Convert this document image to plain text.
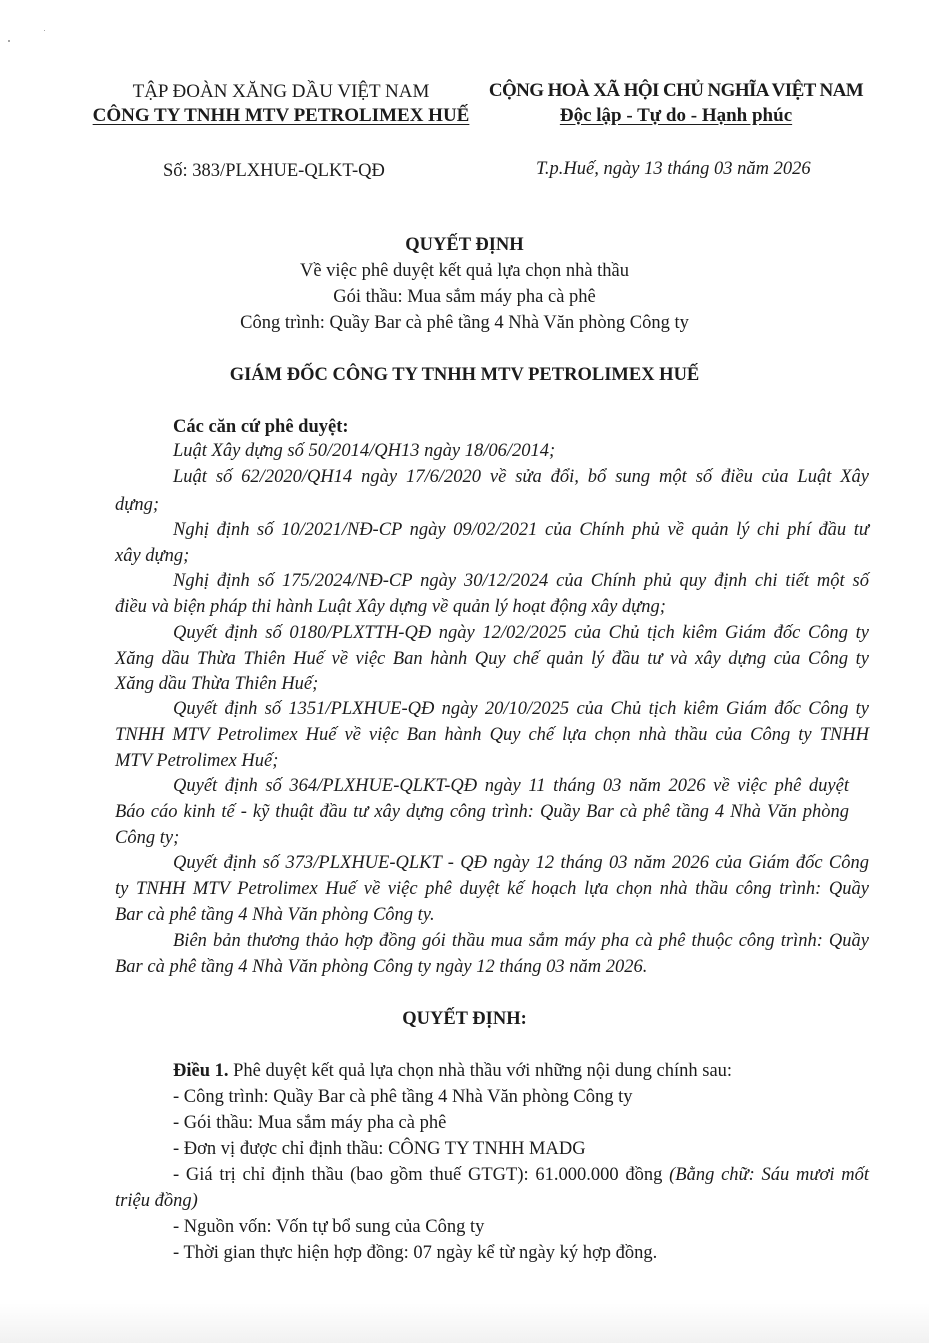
TẬP ĐOÀN XĂNG DẦU VIỆT NAM
CÔNG TY TNHH MTV PETROLIMEX HUẾ
CỘNG HOÀ XÃ HỘI CHỦ NGHĨA VIỆT NAM
Độc lập - Tự do - Hạnh phúc
Số: 383/PLXHUE-QLKT-QĐ	T.p.Huế, ngày 13 tháng 03 năm 2026
QUYẾT ĐỊNH
Về việc phê duyệt kết quả lựa chọn nhà thầu
Gói thầu: Mua sắm máy pha cà phê
Công trình: Quầy Bar cà phê tầng 4 Nhà Văn phòng Công ty
GIÁM ĐỐC CÔNG TY TNHH MTV PETROLIMEX HUẾ
Các căn cứ phê duyệt:
Luật Xây dựng số 50/2014/QH13 ngày 18/06/2014;
Luật số 62/2020/QH14 ngày 17/6/2020 về sửa đổi, bổ sung một số điều của Luật Xây
dựng;
Nghị định số 10/2021/NĐ-CP ngày 09/02/2021 của Chính phủ về quản lý chi phí đầu tư
xây dựng;
Nghị định số 175/2024/NĐ-CP ngày 30/12/2024 của Chính phủ quy định chi tiết một số
điều và biện pháp thi hành Luật Xây dựng về quản lý hoạt động xây dựng;
Quyết định số 0180/PLXTTH-QĐ ngày 12/02/2025 của Chủ tịch kiêm Giám đốc Công ty
Xăng dầu Thừa Thiên Huế về việc Ban hành Quy chế quản lý đầu tư và xây dựng của Công ty
Xăng dầu Thừa Thiên Huế;
Quyết định số 1351/PLXHUE-QĐ ngày 20/10/2025 của Chủ tịch kiêm Giám đốc Công ty
TNHH MTV Petrolimex Huế về việc Ban hành Quy chế lựa chọn nhà thầu của Công ty TNHH
MTV Petrolimex Huế;
Quyết định số 364/PLXHUE-QLKT-QĐ ngày 11 tháng 03 năm 2026 về việc phê duyệt
Báo cáo kinh tế - kỹ thuật đầu tư xây dựng công trình: Quầy Bar cà phê tầng 4 Nhà Văn phòng
Công ty;
Quyết định số 373/PLXHUE-QLKT - QĐ ngày 12 tháng 03 năm 2026 của Giám đốc Công
ty TNHH MTV Petrolimex Huế về việc phê duyệt kế hoạch lựa chọn nhà thầu công trình: Quầy
Bar cà phê tầng 4 Nhà Văn phòng Công ty.
Biên bản thương thảo hợp đồng gói thầu mua sắm máy pha cà phê thuộc công trình: Quầy
Bar cà phê tầng 4 Nhà Văn phòng Công ty ngày 12 tháng 03 năm 2026.
QUYẾT ĐỊNH:
Điều 1. Phê duyệt kết quả lựa chọn nhà thầu với những nội dung chính sau:
- Công trình: Quầy Bar cà phê tầng 4 Nhà Văn phòng Công ty
- Gói thầu: Mua sắm máy pha cà phê
- Đơn vị được chỉ định thầu: CÔNG TY TNHH MADG
- Giá trị chỉ định thầu (bao gồm thuế GTGT): 61.000.000 đồng (Bằng chữ: Sáu mươi mốt
triệu đồng)
- Nguồn vốn: Vốn tự bổ sung của Công ty
- Thời gian thực hiện hợp đồng: 07 ngày kể từ ngày ký hợp đồng.
